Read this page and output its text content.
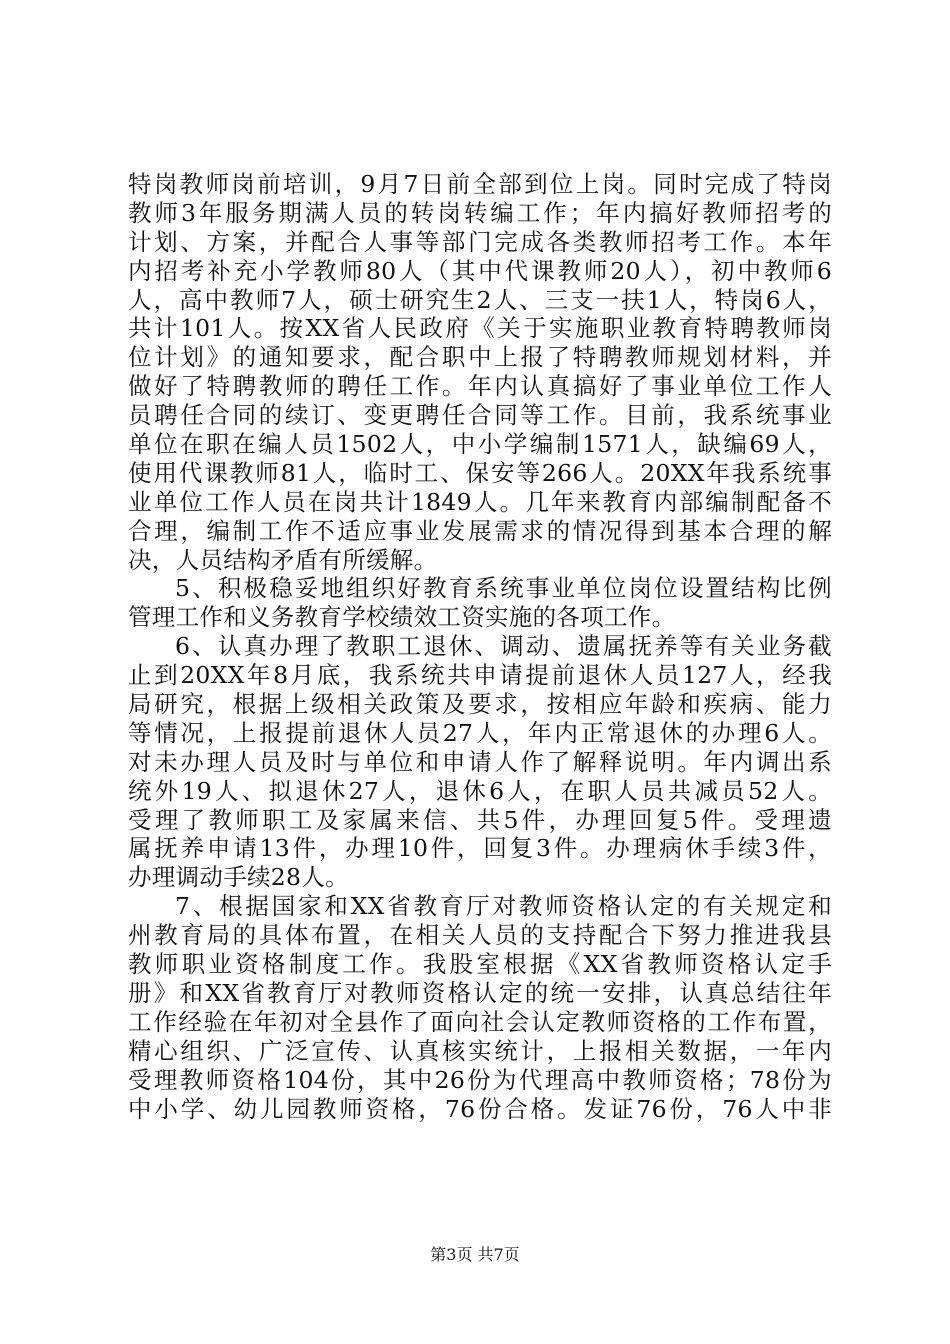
特岗教师岗前培训，9月7日前全部到位上岗。同时完成了特岗
教师3年服务期满人员的转岗转编工作；年内搞好教师招考的
计划、方案，并配合人事等部门完成各类教师招考工作。本年
内招考补充小学教师80人（其中代课教师20人），初中教师6
人，高中教师7人，硕士研究生2人、三支一扶1人，特岗6人，
共计101人。按XX省人民政府《关于实施职业教育特聘教师岗
位计划》的通知要求，配合职中上报了特聘教师规划材料，并
做好了特聘教师的聘任工作。年内认真搞好了事业单位工作人
员聘任合同的续订、变更聘任合同等工作。目前，我系统事业
单位在职在编人员1502人，中小学编制1571人，缺编69人，
使用代课教师81人，临时工、保安等266人。20XX年我系统事
业单位工作人员在岗共计1849人。几年来教育内部编制配备不
合理，编制工作不适应事业发展需求的情况得到基本合理的解
决，人员结构矛盾有所缓解。
5、积极稳妥地组织好教育系统事业单位岗位设置结构比例
管理工作和义务教育学校绩效工资实施的各项工作。
6、认真办理了教职工退休、调动、遗属抚养等有关业务截
止到20XX年8月底，我系统共申请提前退休人员127人，经我
局研究，根据上级相关政策及要求，按相应年龄和疾病、能力
等情况，上报提前退休人员27人，年内正常退休的办理6人。
对未办理人员及时与单位和申请人作了解释说明。年内调出系
统外19人、拟退休27人，退休6人，在职人员共减员52人。
受理了教师职工及家属来信、共5件，办理回复5件。受理遗
属抚养申请13件，办理10件，回复3件。办理病休手续3件，
办理调动手续28人。
7、根据国家和XX省教育厅对教师资格认定的有关规定和
州教育局的具体布置，在相关人员的支持配合下努力推进我县
教师职业资格制度工作。我股室根据《XX省教师资格认定手
册》和XX省教育厅对教师资格认定的统一安排，认真总结往年
工作经验在年初对全县作了面向社会认定教师资格的工作布置，
精心组织、广泛宣传、认真核实统计，上报相关数据，一年内
受理教师资格104份，其中26份为代理高中教师资格；78份为
中小学、幼儿园教师资格，76份合格。发证76份，76人中非
第3页 共7页
